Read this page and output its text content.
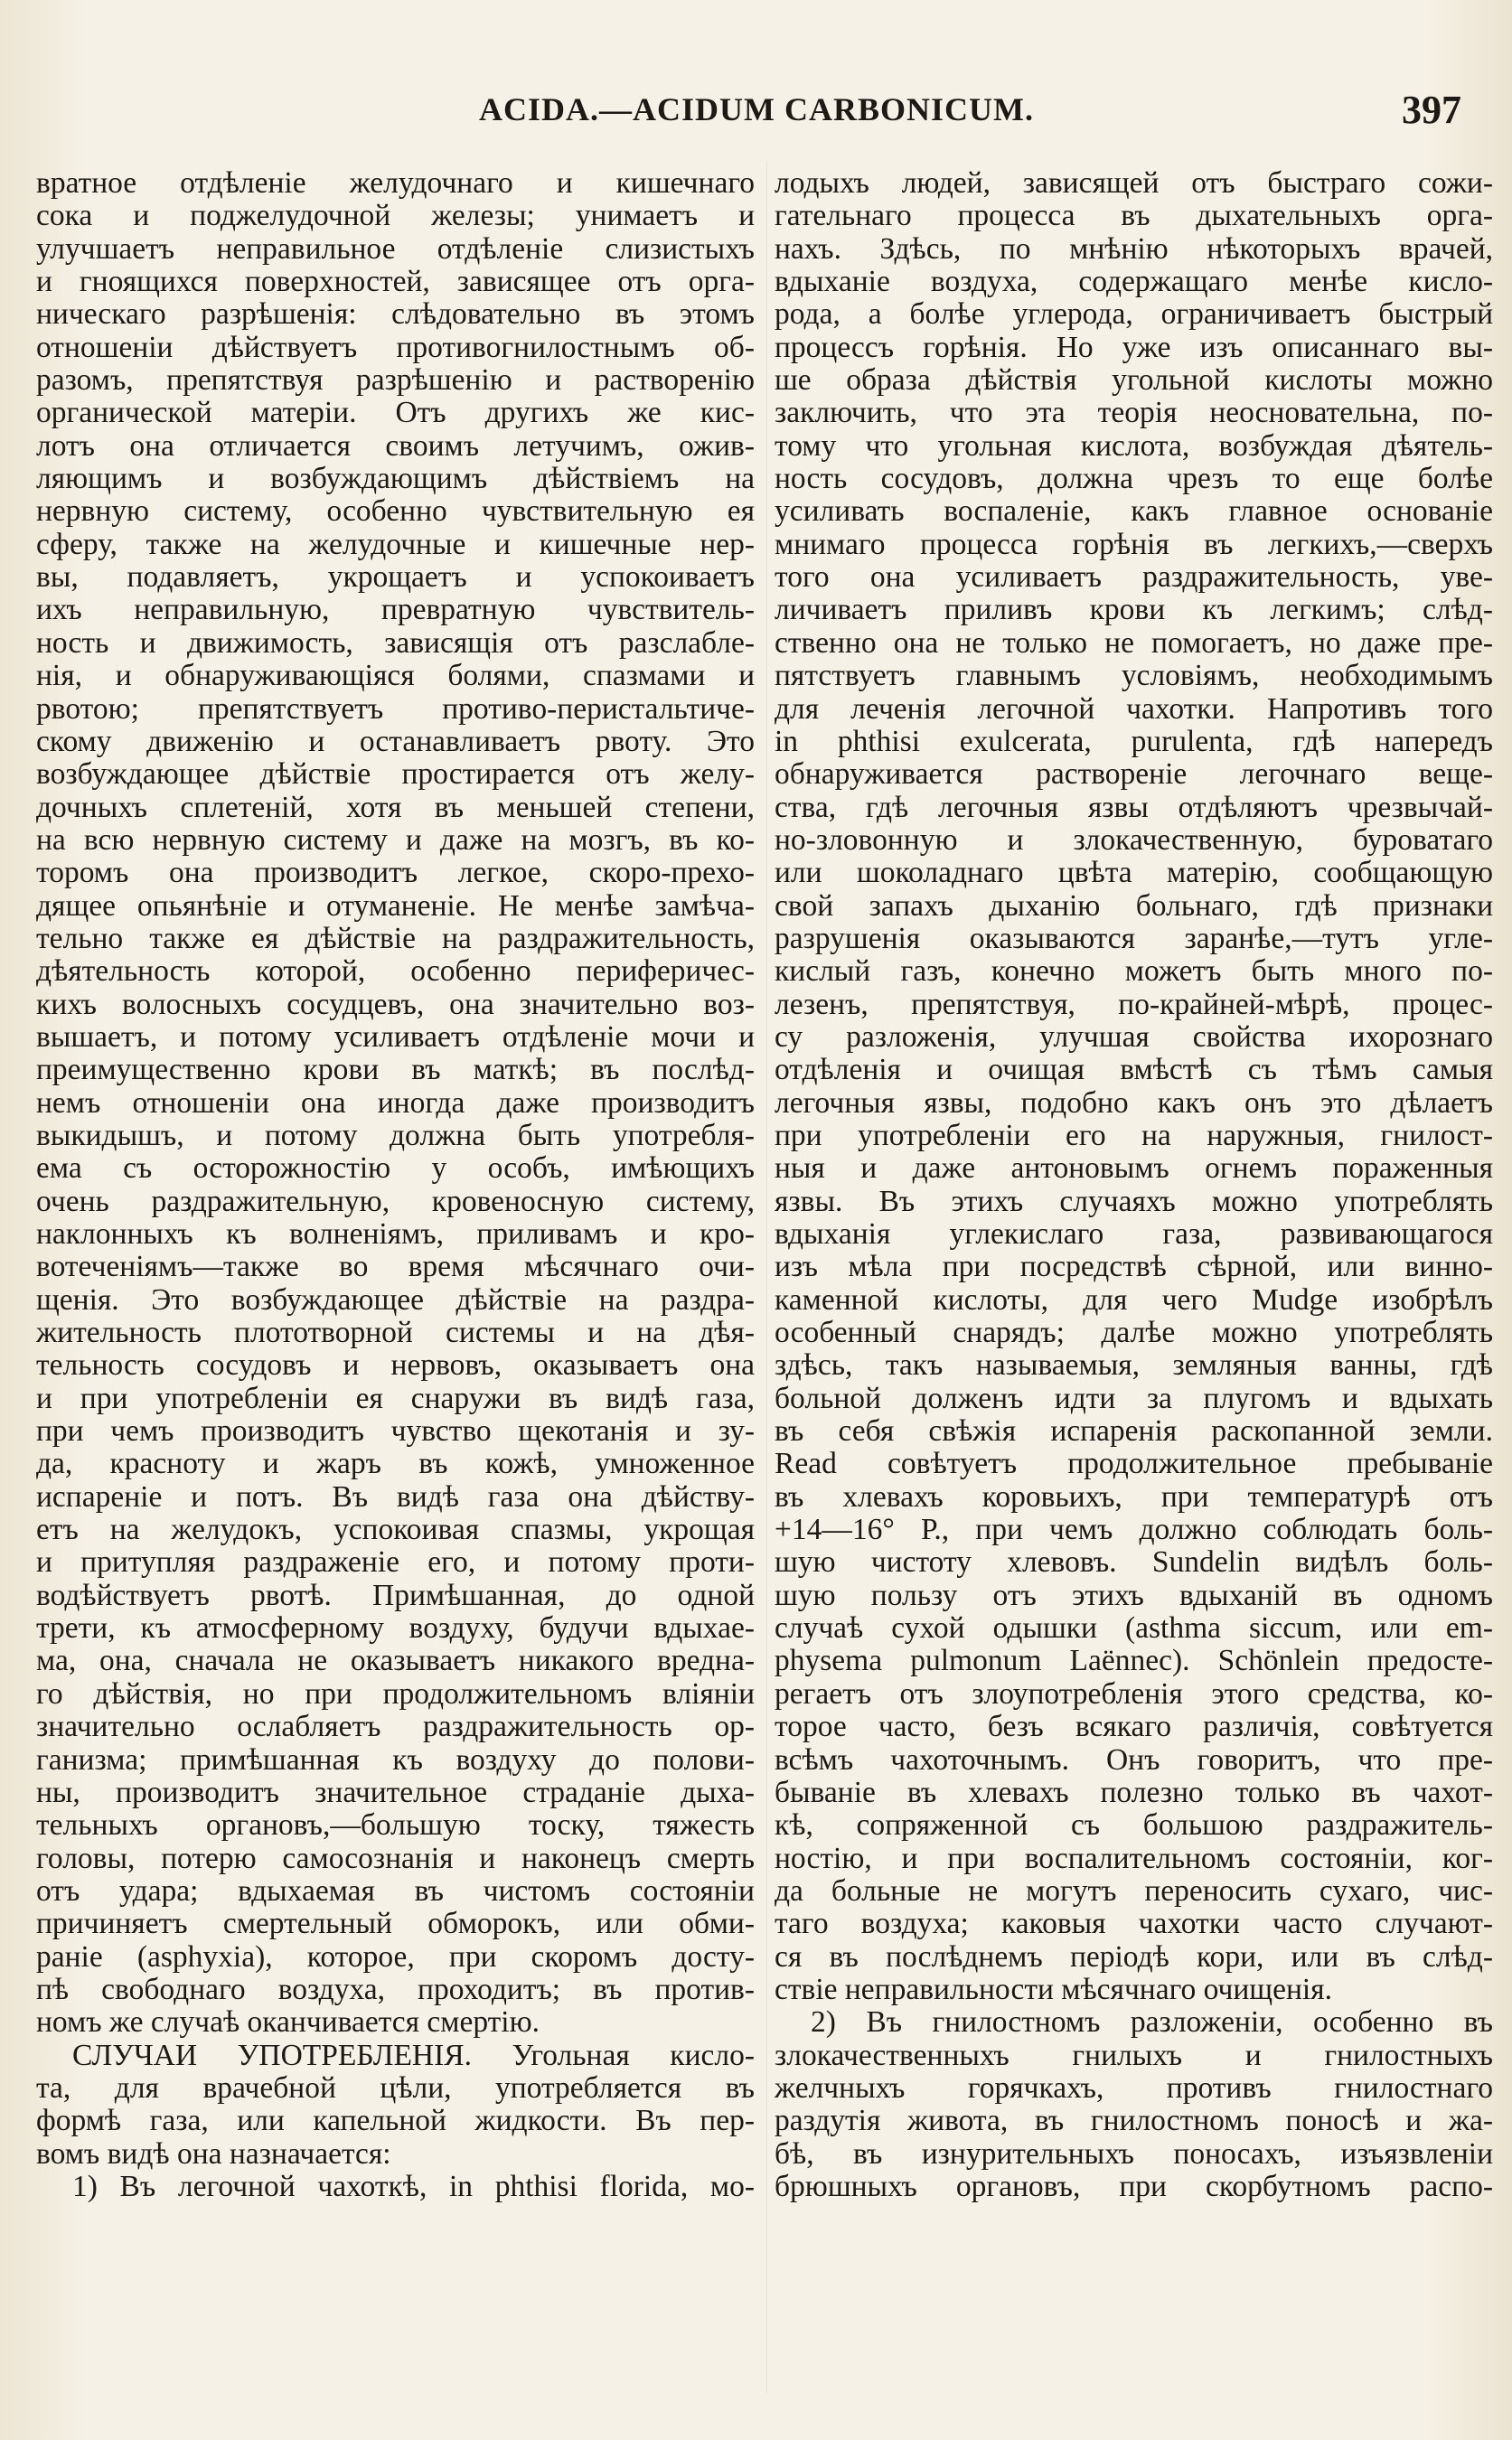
ACIDA.—ACIDUM CARBONICUM.	397
вратное отдѣленіе желудочнаго и кишечнаго
сока и поджелудочной железы; унимаетъ и
улучшаетъ неправильное отдѣленіе слизистыхъ
и гноящихся поверхностей, зависящее отъ орга-
ническаго разрѣшенія: слѣдовательно въ этомъ
отношеніи дѣйствуетъ противогнилостнымъ об-
разомъ, препятствуя разрѣшенію и растворенію
органической матеріи. Отъ другихъ же кис-
лотъ она отличается своимъ летучимъ, ожив-
ляющимъ и возбуждающимъ дѣйствіемъ на
нервную систему, особенно чувствительную ея
сферу, также на желудочные и кишечные нер-
вы, подавляетъ, укрощаетъ и успокоиваетъ
ихъ неправильную, превратную чувствитель-
ность и движимость, зависящія отъ разслабле-
нія, и обнаруживающіяся болями, спазмами и
рвотою; препятствуетъ противо-перистальтиче-
скому движенію и останавливаетъ рвоту. Это
возбуждающее дѣйствіе простирается отъ желу-
дочныхъ сплетеній, хотя въ меньшей степени,
на всю нервную систему и даже на мозгъ, въ ко-
торомъ она производитъ легкое, скоро-прехо-
дящее опьянѣніе и отуманеніе. Не менѣе замѣча-
тельно также ея дѣйствіе на раздражительность,
дѣятельность которой, особенно периферичес-
кихъ волосныхъ сосудцевъ, она значительно воз-
вышаетъ, и потому усиливаетъ отдѣленіе мочи и
преимущественно крови въ маткѣ; въ послѣд-
немъ отношеніи она иногда даже производитъ
выкидышъ, и потому должна быть употребля-
ема съ осторожностію у особъ, имѣющихъ
очень раздражительную, кровеносную систему,
наклонныхъ къ волненіямъ, приливамъ и кро-
вотеченіямъ—также во время мѣсячнаго очи-
щенія. Это возбуждающее дѣйствіе на раздра-
жительность плототворной системы и на дѣя-
тельность сосудовъ и нервовъ, оказываетъ она
и при употребленіи ея снаружи въ видѣ газа,
при чемъ производитъ чувство щекотанія и зу-
да, красноту и жаръ въ кожѣ, умноженное
испареніе и потъ. Въ видѣ газа она дѣйству-
етъ на желудокъ, успокоивая спазмы, укрощая
и притупляя раздраженіе его, и потому проти-
водѣйствуетъ рвотѣ. Примѣшанная, до одной
трети, къ атмосферному воздуху, будучи вдыхае-
ма, она, сначала не оказываетъ никакого вредна-
го дѣйствія, но при продолжительномъ вліяніи
значительно ослабляетъ раздражительность ор-
ганизма; примѣшанная къ воздуху до полови-
ны, производитъ значительное страданіе дыха-
тельныхъ органовъ,—большую тоску, тяжесть
головы, потерю самосознанія и наконецъ смерть
отъ удара; вдыхаемая въ чистомъ состояніи
причиняетъ смертельный обморокъ, или обми-
раніе (asphyxia), которое, при скоромъ досту-
пѣ свободнаго воздуха, проходитъ; въ против-
номъ же случаѣ оканчивается смертію.
СЛУЧАИ УПОТРЕБЛЕНІЯ. Угольная кисло-
та, для врачебной цѣли, употребляется въ
формѣ газа, или капельной жидкости. Въ пер-
вомъ видѣ она назначается:
1) Въ легочной чахоткѣ, in phthisi florida, мо-
лодыхъ людей, зависящей отъ быстраго сожи-
гательнаго процесса въ дыхательныхъ орга-
нахъ. Здѣсь, по мнѣнію нѣкоторыхъ врачей,
вдыханіе воздуха, содержащаго менѣе кисло-
рода, а болѣе углерода, ограничиваетъ быстрый
процессъ горѣнія. Но уже изъ описаннаго вы-
ше образа дѣйствія угольной кислоты можно
заключить, что эта теорія неосновательна, по-
тому что угольная кислота, возбуждая дѣятель-
ность сосудовъ, должна чрезъ то еще болѣе
усиливать воспаленіе, какъ главное основаніе
мнимаго процесса горѣнія въ легкихъ,—сверхъ
того она усиливаетъ раздражительность, уве-
личиваетъ приливъ крови къ легкимъ; слѣд-
ственно она не только не помогаетъ, но даже пре-
пятствуетъ главнымъ условіямъ, необходимымъ
для леченія легочной чахотки. Напротивъ того
in phthisi exulcerata, purulenta, гдѣ напередъ
обнаруживается раствореніе легочнаго веще-
ства, гдѣ легочныя язвы отдѣляютъ чрезвычай-
но-зловонную и злокачественную, буроватаго
или шоколаднаго цвѣта матерію, сообщающую
свой запахъ дыханію больнаго, гдѣ признаки
разрушенія оказываются заранѣе,—тутъ угле-
кислый газъ, конечно можетъ быть много по-
лезенъ, препятствуя, по-крайней-мѣрѣ, процес-
су разложенія, улучшая свойства ихорознаго
отдѣленія и очищая вмѣстѣ съ тѣмъ самыя
легочныя язвы, подобно какъ онъ это дѣлаетъ
при употребленіи его на наружныя, гнилост-
ныя и даже антоновымъ огнемъ пораженныя
язвы. Въ этихъ случаяхъ можно употреблять
вдыханія углекислаго газа, развивающагося
изъ мѣла при посредствѣ сѣрной, или винно-
каменной кислоты, для чего Mudge изобрѣлъ
особенный снарядъ; далѣе можно употреблять
здѣсь, такъ называемыя, земляныя ванны, гдѣ
больной долженъ идти за плугомъ и вдыхать
въ себя свѣжія испаренія раскопанной земли.
Read совѣтуетъ продолжительное пребываніе
въ хлевахъ коровьихъ, при температурѣ отъ
+14—16° Р., при чемъ должно соблюдать боль-
шую чистоту хлевовъ. Sundelin видѣлъ боль-
шую пользу отъ этихъ вдыханій въ одномъ
случаѣ сухой одышки (asthma siccum, или em-
physema pulmonum Laënnec). Schönlein предосте-
регаетъ отъ злоупотребленія этого средства, ко-
торое часто, безъ всякаго различія, совѣтуется
всѣмъ чахоточнымъ. Онъ говоритъ, что пре-
бываніе въ хлевахъ полезно только въ чахот-
кѣ, сопряженной съ большою раздражитель-
ностію, и при воспалительномъ состояніи, ког-
да больные не могутъ переносить сухаго, чис-
таго воздуха; каковыя чахотки часто случают-
ся въ послѣднемъ періодѣ кори, или въ слѣд-
ствіе неправильности мѣсячнаго очищенія.
2) Въ гнилостномъ разложеніи, особенно въ
злокачественныхъ гнилыхъ и гнилостныхъ
желчныхъ горячкахъ, противъ гнилостнаго
раздутія живота, въ гнилостномъ поносѣ и жа-
бѣ, въ изнурительныхъ поносахъ, изъязвленіи
брюшныхъ органовъ, при скорбутномъ распо-
